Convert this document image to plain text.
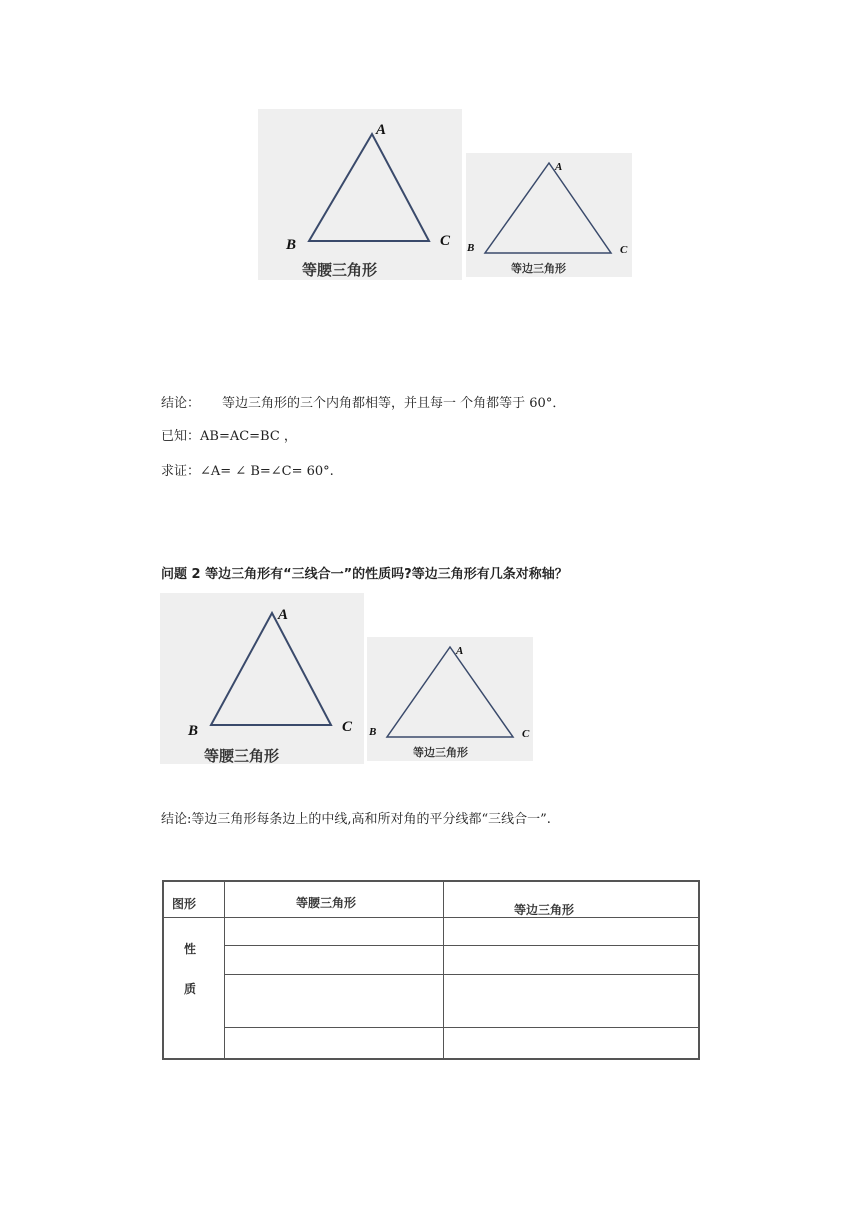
A
B	C
等腰三角形
A
B	C
等边三角形
结论： 等边三角形的三个内角都相等，并且每一 个角都等于 60°．
已知：AB=AC=BC ，
求证：∠A= ∠ B=∠C= 60°.
问题 2 等边三角形有“三线合一”的性质吗?等边三角形有几条对称轴？
A
B	C
等腰三角形
A
B	C
等边三角形
结论:等边三角形每条边上的中线,高和所对角的平分线都“三线合一”.
图形	等腰三角形	等边三角形
性
质
